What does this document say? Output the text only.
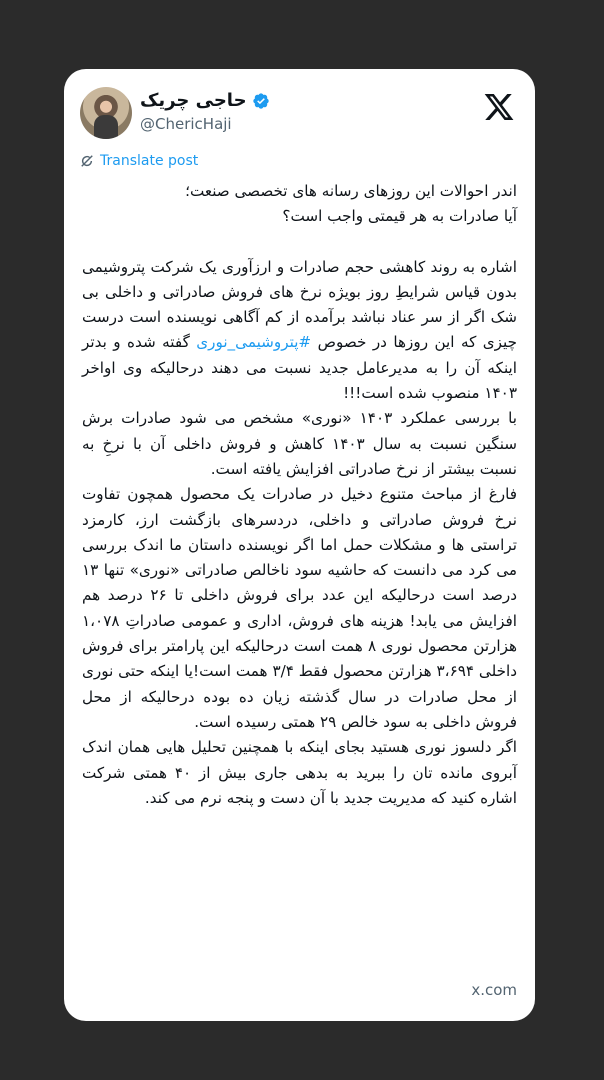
حاجی چریک
@ChericHaji
Translate post

اندر احوالات این روزهای رسانه های تخصصی صنعت؛

آیا صادرات به هر قیمتی واجب است؟

اشاره به روند کاهشی حجم صادرات و ارزآوری یک شرکت پتروشیمی بدون قیاس شرایطِ روز بویژه نرخ های فروش صادراتی و داخلی بی شک اگر از سر عناد نباشد برآمده از کم آگاهی نویسنده است درست چیزی که این روزها در خصوص #پتروشیمی_نوری گفته شده و بدتر اینکه آن را به مدیرعامل جدید نسبت می دهند درحالیکه وی اواخر ۱۴۰۳ منصوب شده است!!!

با بررسی عملکرد ۱۴۰۳ «نوری» مشخص می شود صادرات برش سنگین نسبت به سال ۱۴۰۳ کاهش و فروش داخلی آن با نرخِ به نسبت بیشتر از نرخ صادراتی افزایش یافته است.

فارغ از مباحث متنوع دخیل در صادرات یک محصول همچون تفاوت نرخ فروش صادراتی و داخلی، دردسرهای بازگشت ارز، کارمزد تراستی ها و مشکلات حمل اما اگر نویسنده داستان ما اندک بررسی می کرد می دانست که حاشیه سود ناخالص صادراتی «نوری» تنها ۱۳ درصد است درحالیکه این عدد برای فروش داخلی تا ۲۶ درصد هم افزایش می یابد! هزینه های فروش، اداری و عمومی صادراتِ ۱،۰۷۸ هزارتن محصول نوری ۸ همت است درحالیکه این پارامتر برای فروش داخلی ۳،۶۹۴ هزارتن محصول فقط ۳/۴ همت است!یا اینکه حتی نوری از محل صادرات در سال گذشته زیان ده بوده درحالیکه از محل فروش داخلی به سود خالص ۲۹ همتی رسیده است.

اگر دلسوز نوری هستید بجای اینکه با همچنین تحلیل هایی همان اندک آبروی مانده تان را ببرید به بدهی جاری بیش از ۴۰ همتی شرکت اشاره کنید که مدیریت جدید با آن دست و پنجه نرم می کند.

x.com
